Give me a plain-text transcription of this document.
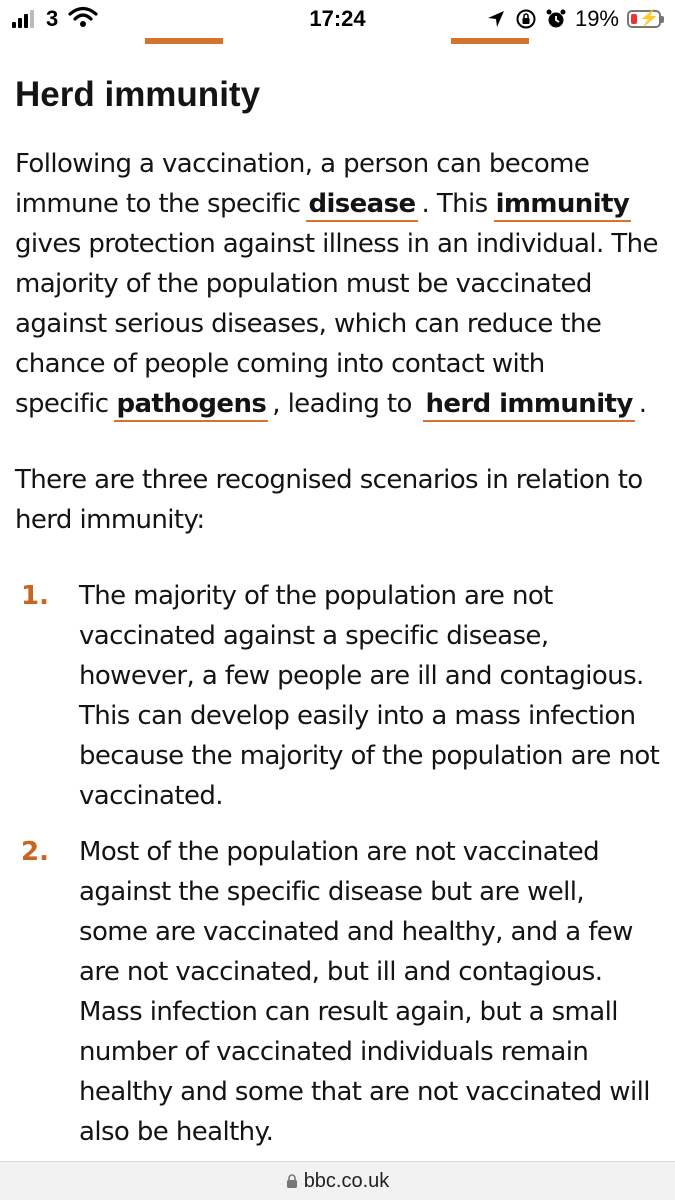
3	17:24	19% ⚡
Herd immunity

Following a vaccination, a person can become immune to the specific disease . This immunity gives protection against illness in an individual. The majority of the population must be vaccinated against serious diseases, which can reduce the chance of people coming into contact with specific pathogens , leading to herd immunity .

There are three recognised scenarios in relation to herd immunity:

1. The majority of the population are not vaccinated against a specific disease, however, a few people are ill and contagious. This can develop easily into a mass infection because the majority of the population are not vaccinated.
2. Most of the population are not vaccinated against the specific disease but are well, some are vaccinated and healthy, and a few are not vaccinated, but ill and contagious. Mass infection can result again, but a small number of vaccinated individuals remain healthy and some that are not vaccinated will also be healthy.
bbc.co.uk
